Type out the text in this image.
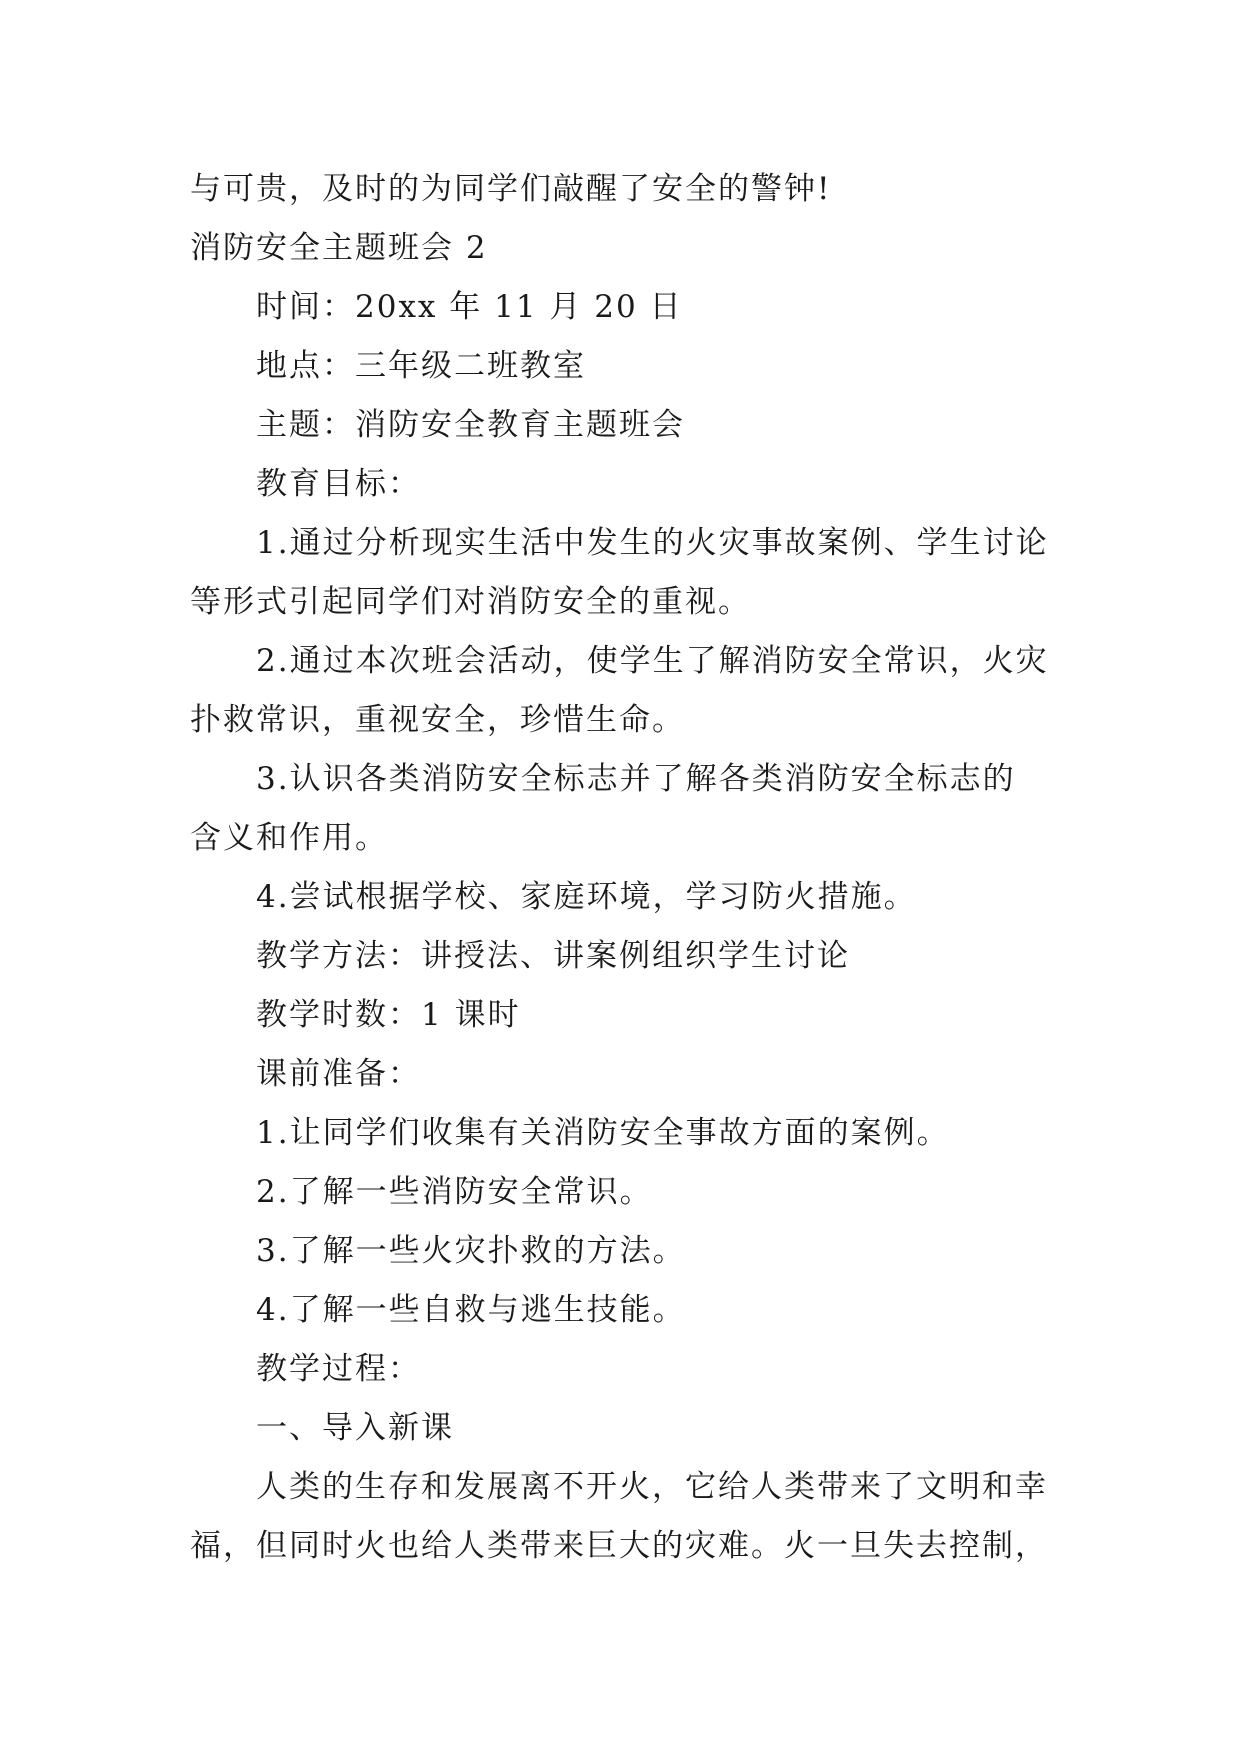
与可贵，及时的为同学们敲醒了安全的警钟!
消防安全主题班会 2
时间：20xx 年 11 月 20 日
地点：三年级二班教室
主题：消防安全教育主题班会
教育目标：
1.通过分析现实生活中发生的火灾事故案例、学生讨论
等形式引起同学们对消防安全的重视。
2.通过本次班会活动，使学生了解消防安全常识，火灾
扑救常识，重视安全，珍惜生命。
3.认识各类消防安全标志并了解各类消防安全标志的
含义和作用。
4.尝试根据学校、家庭环境，学习防火措施。
教学方法：讲授法、讲案例组织学生讨论
教学时数：1 课时
课前准备：
1.让同学们收集有关消防安全事故方面的案例。
2.了解一些消防安全常识。
3.了解一些火灾扑救的方法。
4.了解一些自救与逃生技能。
教学过程：
一、导入新课
人类的生存和发展离不开火，它给人类带来了文明和幸
福，但同时火也给人类带来巨大的灾难。火一旦失去控制，
